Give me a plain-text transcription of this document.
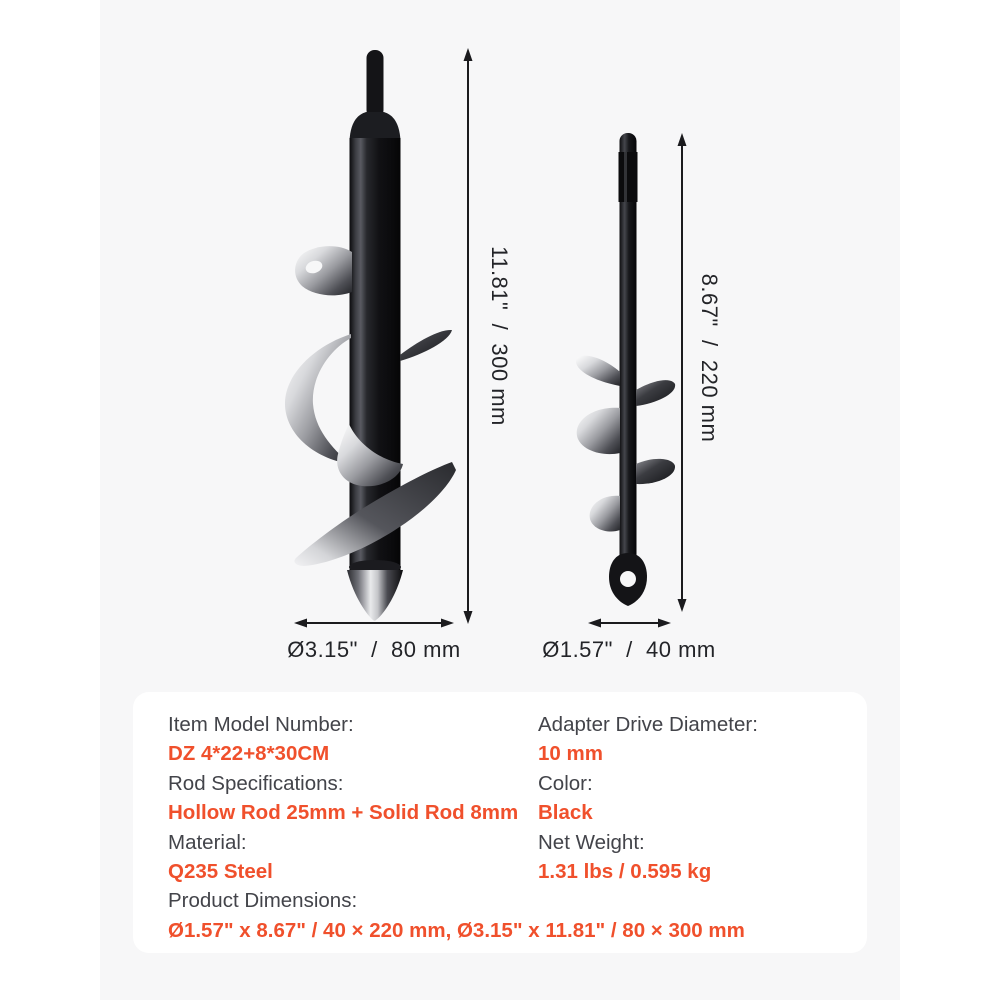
11.81"  /  300 mm	8.67"  /  220 mm
Ø3.15"  /  80 mm	Ø1.57"  /  40 mm
Item Model Number:
DZ 4*22+8*30CM
Rod Specifications:
Hollow Rod 25mm + Solid Rod 8mm
Material:
Q235 Steel
Product Dimensions:
Ø1.57" x 8.67" / 40 × 220 mm, Ø3.15" x 11.81" / 80 × 300 mm
Adapter Drive Diameter:
10 mm
Color:
Black
Net Weight:
1.31 lbs / 0.595 kg
